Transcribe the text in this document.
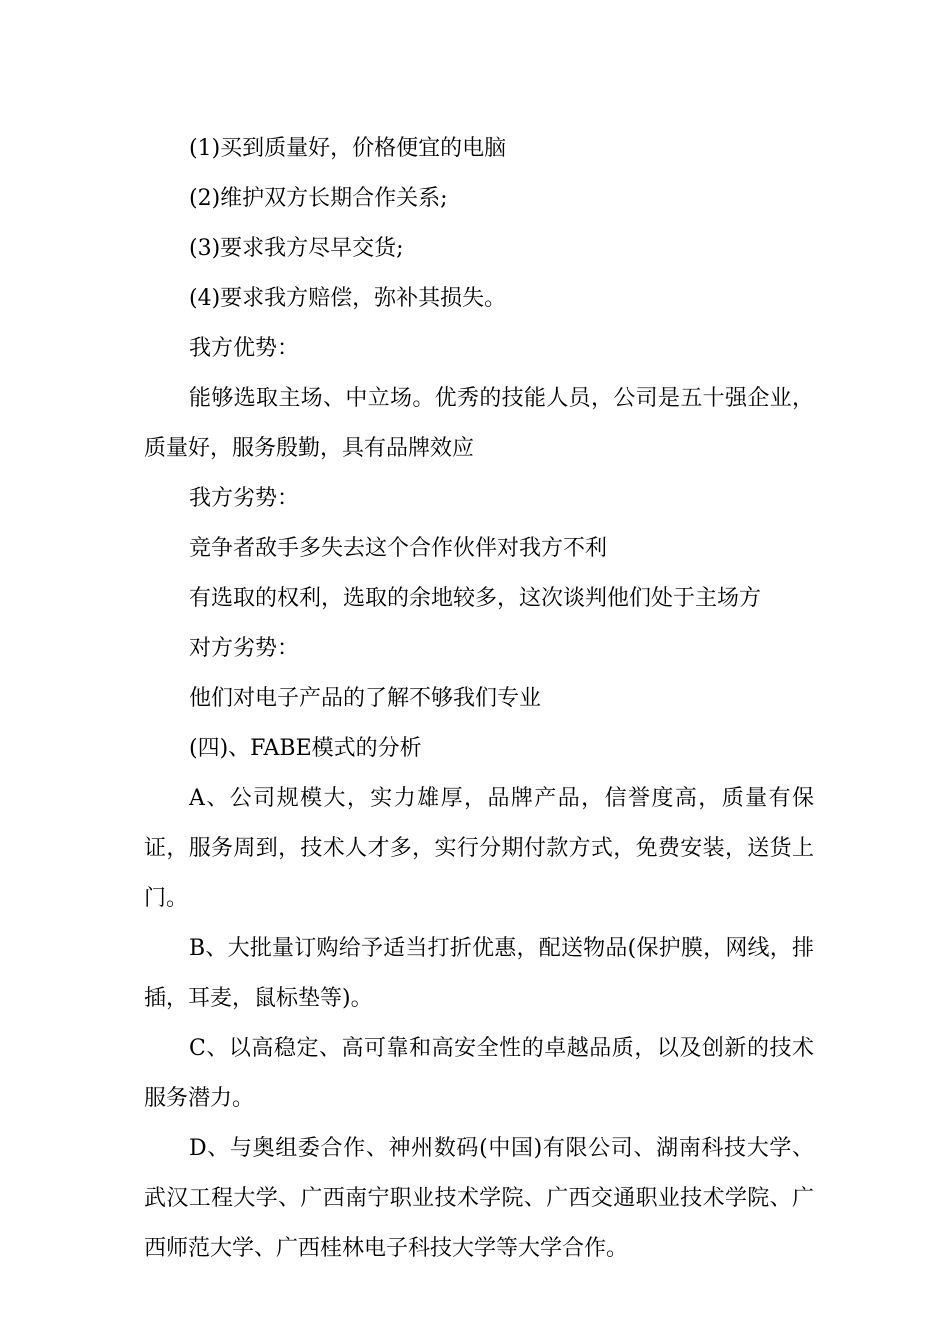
(1)买到质量好，价格便宜的电脑

(2)维护双方长期合作关系;

(3)要求我方尽早交货;

(4)要求我方赔偿，弥补其损失。

我方优势：

能够选取主场、中立场。优秀的技能人员，公司是五十强企业，质量好，服务殷勤，具有品牌效应

我方劣势：

竞争者敌手多失去这个合作伙伴对我方不利

有选取的权利，选取的余地较多，这次谈判他们处于主场方

对方劣势：

他们对电子产品的了解不够我们专业

(四)、FABE模式的分析

A、公司规模大，实力雄厚，品牌产品，信誉度高，质量有保证，服务周到，技术人才多，实行分期付款方式，免费安装，送货上门。

B、大批量订购给予适当打折优惠，配送物品(保护膜，网线，排插，耳麦，鼠标垫等)。

C、以高稳定、高可靠和高安全性的卓越品质，以及创新的技术服务潜力。

D、与奥组委合作、神州数码(中国)有限公司、湖南科技大学、武汉工程大学、广西南宁职业技术学院、广西交通职业技术学院、广西师范大学、广西桂林电子科技大学等大学合作。
